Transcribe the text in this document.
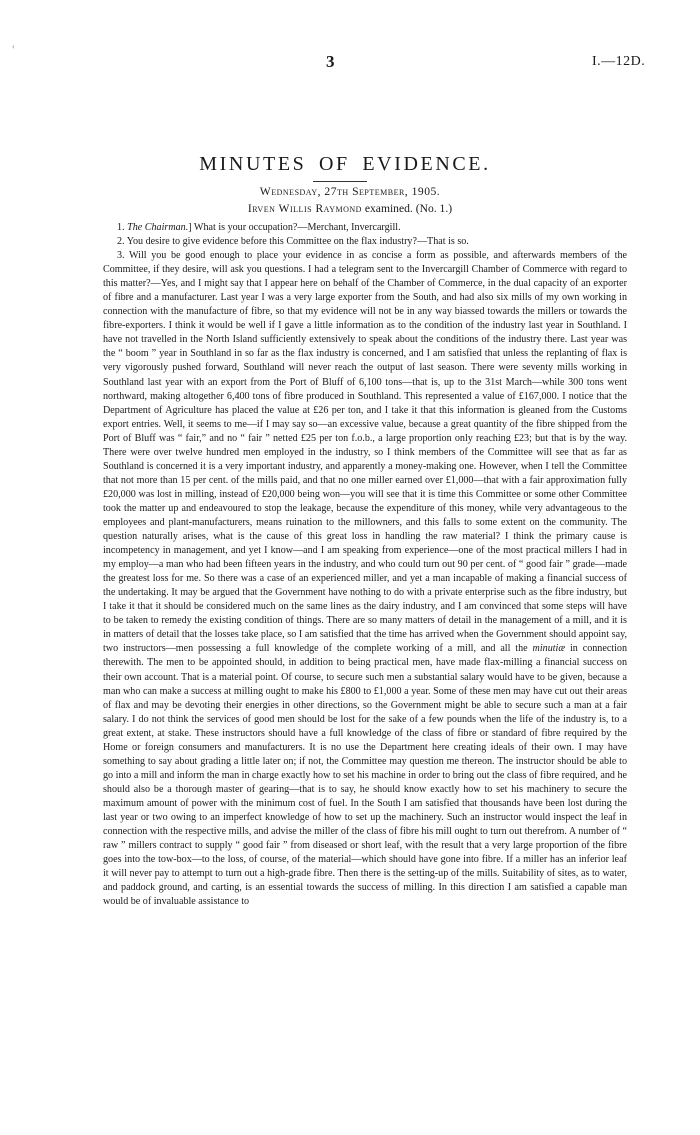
‹
3	I.—12D.
MINUTES OF EVIDENCE.
Wednesday, 27th September, 1905.
Irven Willis Raymond examined. (No. 1.)

1. The Chairman.] What is your occupation?—Merchant, Invercargill.

2. You desire to give evidence before this Committee on the flax industry?—That is so.

3. Will you be good enough to place your evidence in as concise a form as possible, and afterwards members of the Committee, if they desire, will ask you questions. I had a telegram sent to the Invercargill Chamber of Commerce with regard to this matter?—Yes, and I might say that I appear here on behalf of the Chamber of Commerce, in the dual capacity of an exporter of fibre and a manufacturer. Last year I was a very large exporter from the South, and had also six mills of my own working in connection with the manufacture of fibre, so that my evidence will not be in any way biassed towards the millers or towards the fibre-exporters. I think it would be well if I gave a little information as to the condition of the industry last year in Southland. I have not travelled in the North Island sufficiently extensively to speak about the conditions of the industry there. Last year was the “ boom ” year in Southland in so far as the flax industry is concerned, and I am satisfied that unless the replanting of flax is very vigorously pushed forward, Southland will never reach the output of last season. There were seventy mills working in Southland last year with an export from the Port of Bluff of 6,100 tons—that is, up to the 31st March—while 300 tons went northward, making altogether 6,400 tons of fibre produced in Southland. This represented a value of £167,000. I notice that the Department of Agriculture has placed the value at £26 per ton, and I take it that this information is gleaned from the Customs export entries. Well, it seems to me—if I may say so—an excessive value, because a great quantity of the fibre shipped from the Port of Bluff was “ fair,” and no “ fair ” netted £25 per ton f.o.b., a large proportion only reaching £23; but that is by the way. There were over twelve hundred men employed in the industry, so I think members of the Committee will see that as far as Southland is concerned it is a very important industry, and apparently a money-making one. However, when I tell the Committee that not more than 15 per cent. of the mills paid, and that no one miller earned over £1,000—that with a fair approximation fully £20,000 was lost in milling, instead of £20,000 being won—you will see that it is time this Committee or some other Committee took the matter up and endeavoured to stop the leakage, because the expenditure of this money, while very advantageous to the employees and plant-manufacturers, means ruination to the millowners, and this falls to some extent on the community. The question naturally arises, what is the cause of this great loss in handling the raw material? I think the primary cause is incompetency in management, and yet I know—and I am speaking from experience—one of the most practical millers I had in my employ—a man who had been fifteen years in the industry, and who could turn out 90 per cent. of “ good fair ” grade—made the greatest loss for me. So there was a case of an experienced miller, and yet a man incapable of making a financial success of the undertaking. It may be argued that the Government have nothing to do with a private enterprise such as the fibre industry, but I take it that it should be considered much on the same lines as the dairy industry, and I am convinced that some steps will have to be taken to remedy the existing condition of things. There are so many matters of detail in the management of a mill, and it is in matters of detail that the losses take place, so I am satisfied that the time has arrived when the Government should appoint say, two instructors—men possessing a full knowledge of the complete working of a mill, and all the minutiæ in connection therewith. The men to be appointed should, in addition to being practical men, have made flax-milling a financial success on their own account. That is a material point. Of course, to secure such men a substantial salary would have to be given, because a man who can make a success at milling ought to make his £800 to £1,000 a year. Some of these men may have cut out their areas of flax and may be devoting their energies in other directions, so the Government might be able to secure such a man at a fair salary. I do not think the services of good men should be lost for the sake of a few pounds when the life of the industry is, to a great extent, at stake. These instructors should have a full knowledge of the class of fibre or standard of fibre required by the Home or foreign consumers and manufacturers. It is no use the Department here creating ideals of their own. I may have something to say about grading a little later on; if not, the Committee may question me thereon. The instructor should be able to go into a mill and inform the man in charge exactly how to set his machine in order to bring out the class of fibre required, and he should also be a thorough master of gearing—that is to say, he should know exactly how to set his machinery to secure the maximum amount of power with the minimum cost of fuel. In the South I am satisfied that thousands have been lost during the last year or two owing to an imperfect knowledge of how to set up the machinery. Such an instructor would inspect the leaf in connection with the respective mills, and advise the miller of the class of fibre his mill ought to turn out therefrom. A number of “ raw ” millers contract to supply “ good fair ” from diseased or short leaf, with the result that a very large proportion of the fibre goes into the tow-box—to the loss, of course, of the material—which should have gone into fibre. If a miller has an inferior leaf it will never pay to attempt to turn out a high-grade fibre. Then there is the setting-up of the mills. Suitability of sites, as to water, and paddock ground, and carting, is an essential towards the success of milling. In this direction I am satisfied a capable man would be of invaluable assistance to
